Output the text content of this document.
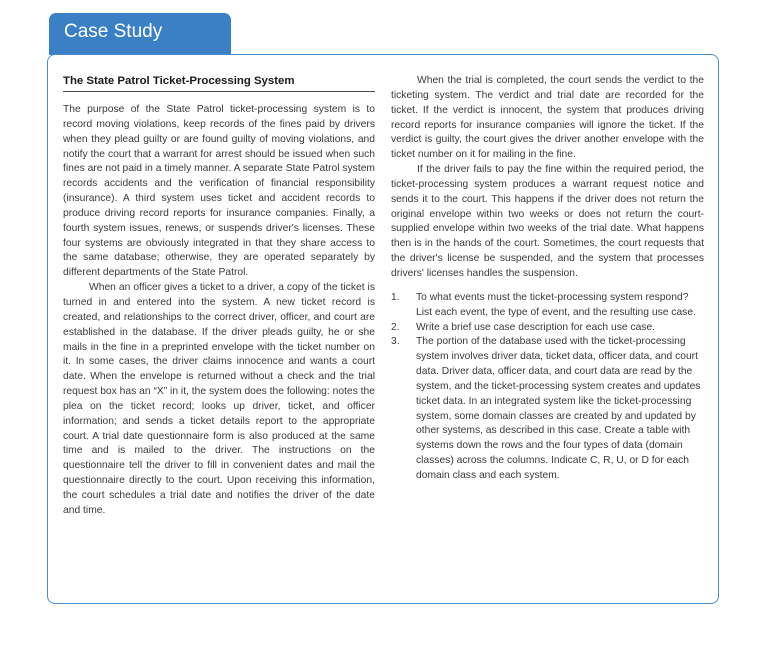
Case Study
The State Patrol Ticket-Processing System

The purpose of the State Patrol ticket-processing system is to record moving violations, keep records of the fines paid by drivers when they plead guilty or are found guilty of moving violations, and notify the court that a warrant for arrest should be issued when such fines are not paid in a timely manner. A separate State Patrol system records accidents and the verification of financial responsibility (insurance). A third system uses ticket and accident records to produce driving record reports for insurance companies. Finally, a fourth system issues, renews, or suspends driver's licenses. These four systems are obviously integrated in that they share access to the same database; otherwise, they are operated separately by different departments of the State Patrol.

When an officer gives a ticket to a driver, a copy of the ticket is turned in and entered into the system. A new ticket record is created, and relationships to the correct driver, officer, and court are established in the database. If the driver pleads guilty, he or she mails in the fine in a preprinted envelope with the ticket number on it. In some cases, the driver claims innocence and wants a court date. When the envelope is returned without a check and the trial request box has an “X” in it, the system does the following: notes the plea on the ticket record; looks up driver, ticket, and officer information; and sends a ticket details report to the appropriate court. A trial date questionnaire form is also produced at the same time and is mailed to the driver. The instructions on the questionnaire tell the driver to fill in convenient dates and mail the questionnaire directly to the court. Upon receiving this information, the court schedules a trial date and notifies the driver of the date and time.

When the trial is completed, the court sends the verdict to the ticketing system. The verdict and trial date are recorded for the ticket. If the verdict is innocent, the system that produces driving record reports for insurance companies will ignore the ticket. If the verdict is guilty, the court gives the driver another envelope with the ticket number on it for mailing in the fine.

If the driver fails to pay the fine within the required period, the ticket-processing system produces a warrant request notice and sends it to the court. This happens if the driver does not return the original envelope within two weeks or does not return the court-supplied envelope within two weeks of the trial date. What happens then is in the hands of the court. Sometimes, the court requests that the driver's license be suspended, and the system that processes drivers' licenses handles the suspension.

1. To what events must the ticket-processing system respond? List each event, the type of event, and the resulting use case.
2. Write a brief use case description for each use case.
3. The portion of the database used with the ticket-processing system involves driver data, ticket data, officer data, and court data. Driver data, officer data, and court data are read by the system, and the ticket-processing system creates and updates ticket data. In an integrated system like the ticket-processing system, some domain classes are created by and updated by other systems, as described in this case. Create a table with systems down the rows and the four types of data (domain classes) across the columns. Indicate C, R, U, or D for each domain class and each system.
